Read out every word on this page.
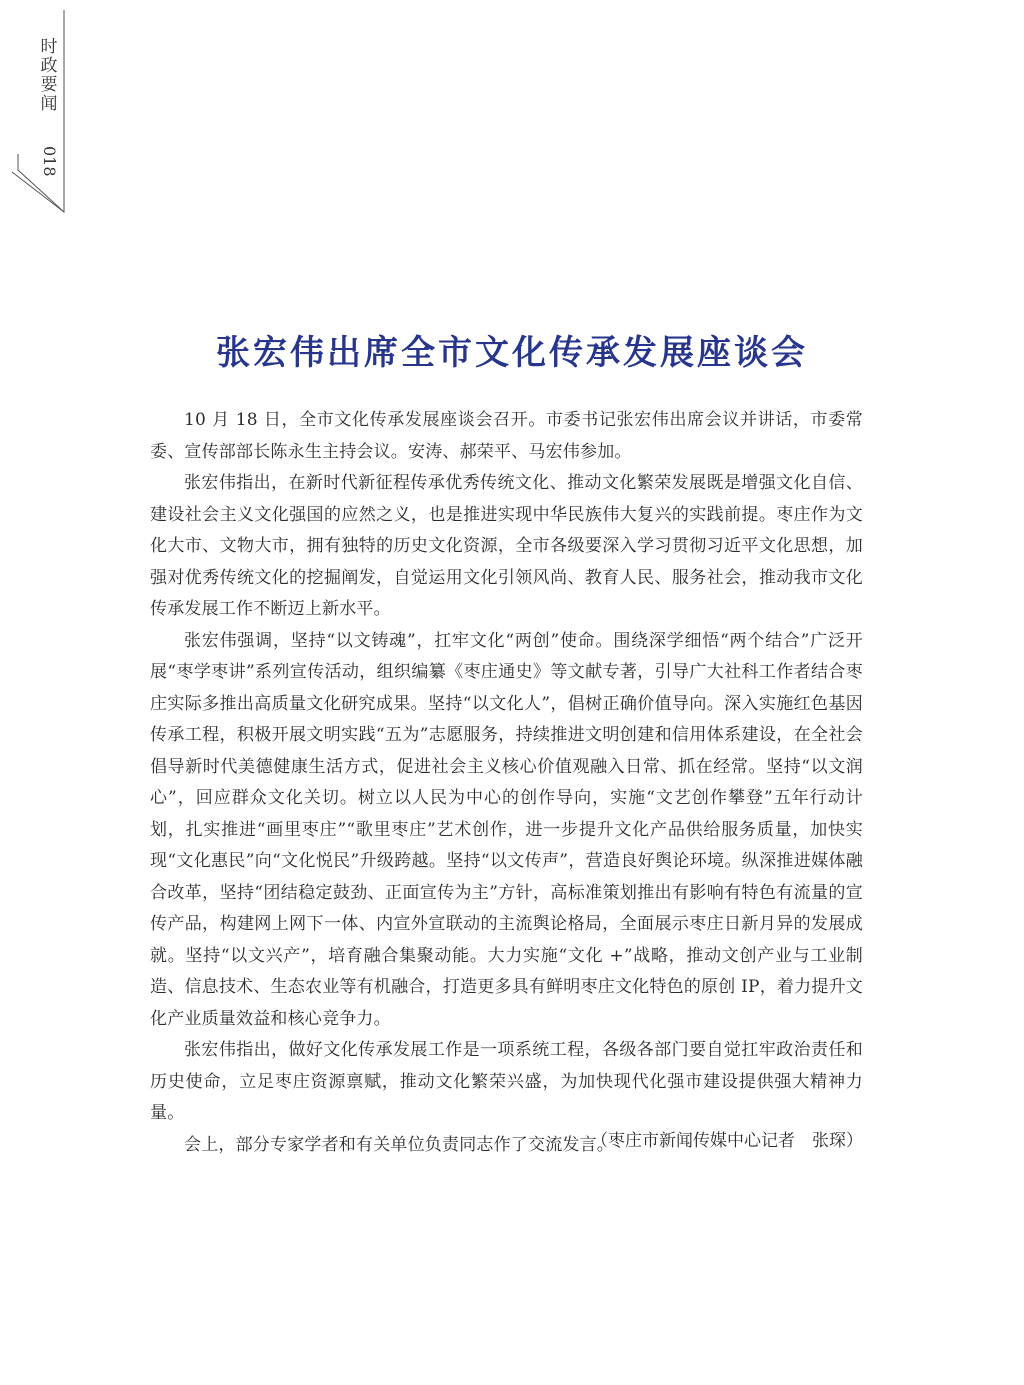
时
政
要
闻
018
张宏伟出席全市文化传承发展座谈会

10 月 18 日，全市文化传承发展座谈会召开。市委书记张宏伟出席会议并讲话，市委常委、宣传部部长陈永生主持会议。安涛、郝荣平、马宏伟参加。

张宏伟指出，在新时代新征程传承优秀传统文化、推动文化繁荣发展既是增强文化自信、建设社会主义文化强国的应然之义，也是推进实现中华民族伟大复兴的实践前提。枣庄作为文化大市、文物大市，拥有独特的历史文化资源，全市各级要深入学习贯彻习近平文化思想，加强对优秀传统文化的挖掘阐发，自觉运用文化引领风尚、教育人民、服务社会，推动我市文化传承发展工作不断迈上新水平。

张宏伟强调，坚持“以文铸魂”，扛牢文化“两创”使命。围绕深学细悟“两个结合”广泛开展“枣学枣讲”系列宣传活动，组织编纂《枣庄通史》等文献专著，引导广大社科工作者结合枣庄实际多推出高质量文化研究成果。坚持“以文化人”，倡树正确价值导向。深入实施红色基因传承工程，积极开展文明实践“五为”志愿服务，持续推进文明创建和信用体系建设，在全社会倡导新时代美德健康生活方式，促进社会主义核心价值观融入日常、抓在经常。坚持“以文润心”，回应群众文化关切。树立以人民为中心的创作导向，实施“文艺创作攀登”五年行动计划，扎实推进“画里枣庄”“歌里枣庄”艺术创作，进一步提升文化产品供给服务质量，加快实现“文化惠民”向“文化悦民”升级跨越。坚持“以文传声”，营造良好舆论环境。纵深推进媒体融合改革，坚持“团结稳定鼓劲、正面宣传为主”方针，高标准策划推出有影响有特色有流量的宣传产品，构建网上网下一体、内宣外宣联动的主流舆论格局，全面展示枣庄日新月异的发展成就。坚持“以文兴产”，培育融合集聚动能。大力实施“文化 +”战略，推动文创产业与工业制造、信息技术、生态农业等有机融合，打造更多具有鲜明枣庄文化特色的原创 IP，着力提升文化产业质量效益和核心竞争力。

张宏伟指出，做好文化传承发展工作是一项系统工程，各级各部门要自觉扛牢政治责任和历史使命，立足枣庄资源禀赋，推动文化繁荣兴盛，为加快现代化强市建设提供强大精神力量。

会上，部分专家学者和有关单位负责同志作了交流发言。

（枣庄市新闻传媒中心记者　张琛）
